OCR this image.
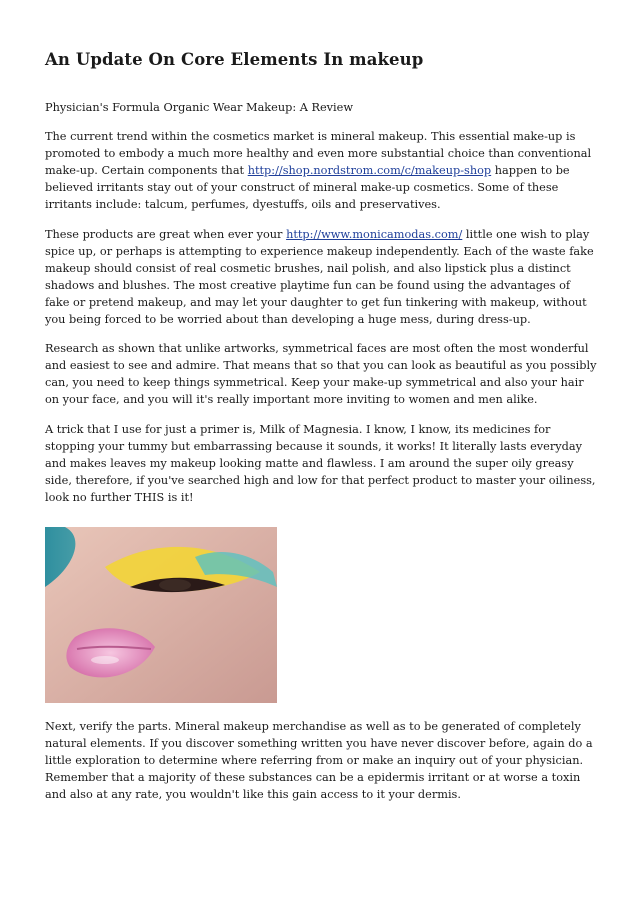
An Update On Core Elements In makeup

Physician's Formula Organic Wear Makeup: A Review

The current trend within the cosmetics market is mineral makeup. This essential make-up is promoted to embody a much more healthy and even more substantial choice than conventional make-up. Certain components that http://shop.nordstrom.com/c/makeup-shop happen to be believed irritants stay out of your construct of mineral make-up cosmetics. Some of these irritants include: talcum, perfumes, dyestuffs, oils and preservatives.

These products are great when ever your http://www.monicamodas.com/ little one wish to play spice up, or perhaps is attempting to experience makeup independently. Each of the waste fake makeup should consist of real cosmetic brushes, nail polish, and also lipstick plus a distinct shadows and blushes. The most creative playtime fun can be found using the advantages of fake or pretend makeup, and may let your daughter to get fun tinkering with makeup, without you being forced to be worried about than developing a huge mess, during dress-up.

Research as shown that unlike artworks, symmetrical faces are most often the most wonderful and easiest to see and admire. That means that so that you can look as beautiful as you possibly can, you need to keep things symmetrical. Keep your make-up symmetrical and also your hair on your face, and you will it's really important more inviting to women and men alike.

A trick that I use for just a primer is, Milk of Magnesia. I know, I know, its medicines for stopping your tummy but embarrassing because it sounds, it works! It literally lasts everyday and makes leaves my makeup looking matte and flawless. I am around the super oily greasy side, therefore, if you've searched high and low for that perfect product to master your oiliness, look no further THIS is it!

Next, verify the parts. Mineral makeup merchandise as well as to be generated of completely natural elements. If you discover something written you have never discover before, again do a little exploration to determine where referring from or make an inquiry out of your physician. Remember that a majority of these substances can be a epidermis irritant or at worse a toxin and also at any rate, you wouldn't like this gain access to it your dermis.
